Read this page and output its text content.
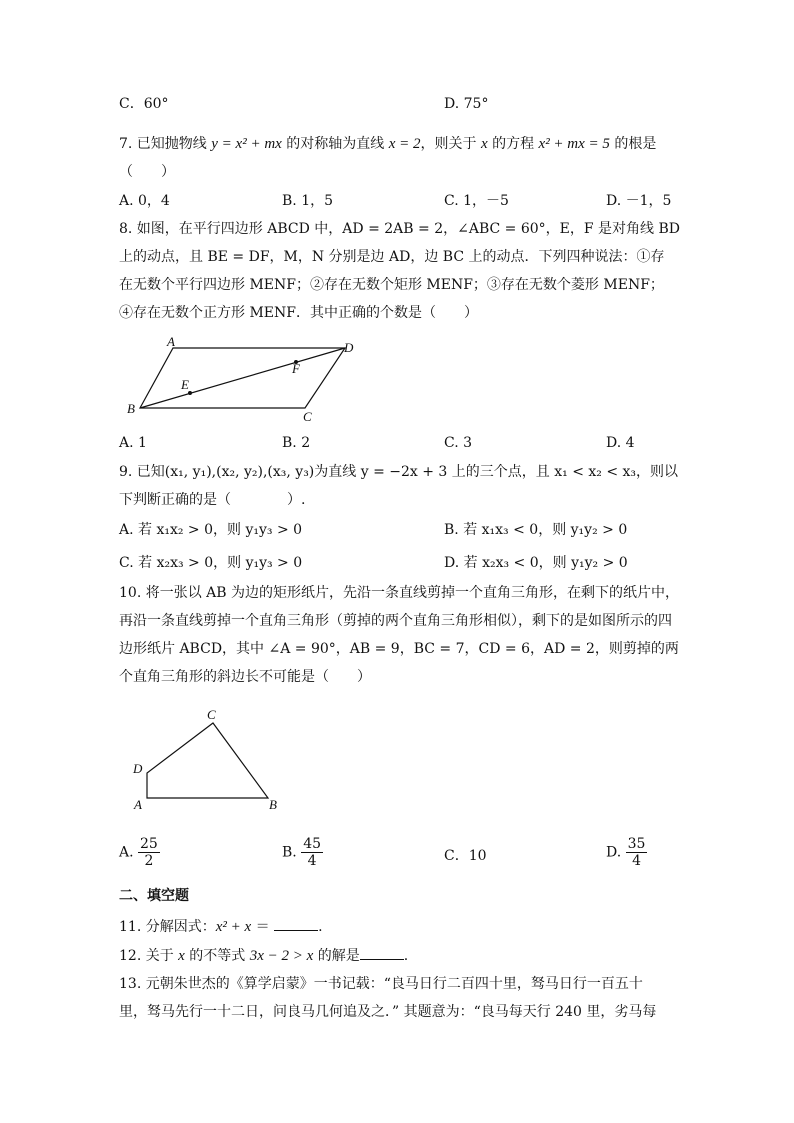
C．60°	D. 75°
7. 已知抛物线 y = x² + mx 的对称轴为直线 x = 2，则关于 x 的方程 x² + mx = 5 的根是
（　　）
A. 0，4	B. 1，5	C. 1，－5	D. －1，5
8. 如图，在平行四边形 ABCD 中，AD = 2AB = 2，∠ABC = 60°，E，F 是对角线 BD
上的动点，且 BE = DF，M，N 分别是边 AD，边 BC 上的动点．下列四种说法：①存
在无数个平行四边形 MENF；②存在无数个矩形 MENF；③存在无数个菱形 MENF；
④存在无数个正方形 MENF．其中正确的个数是（　　）
A
B
C
D
E
F
A	B
C
D
A. 1	B. 2	C. 3	D. 4
9. 已知(x₁, y₁),(x₂, y₂),(x₃, y₃)为直线 y = −2x + 3 上的三个点，且 x₁ < x₂ < x₃，则以
下判断正确的是（　　　　）.
A. 若 x₁x₂ > 0，则 y₁y₃ > 0	B. 若 x₁x₃ < 0，则 y₁y₂ > 0
C. 若 x₂x₃ > 0，则 y₁y₃ > 0	D. 若 x₂x₃ < 0，则 y₁y₂ > 0
10. 将一张以 AB 为边的矩形纸片，先沿一条直线剪掉一个直角三角形，在剩下的纸片中，
再沿一条直线剪掉一个直角三角形（剪掉的两个直角三角形相似），剩下的是如图所示的四
边形纸片 ABCD，其中 ∠A = 90°，AB = 9，BC = 7，CD = 6，AD = 2，则剪掉的两
个直角三角形的斜边长不可能是（　　）
A. $\frac{25}{2}$	B. $\frac{45}{4}$	C．10	D. $\frac{35}{4}$
二、填空题
11. 分解因式：x² + x ＝	.
12. 关于 x 的不等式 3x − 2 > x 的解是	.
13. 元朝朱世杰的《算学启蒙》一书记载：“良马日行二百四十里，驽马日行一百五十
里，驽马先行一十二日，问良马几何追及之．” 其题意为：“良马每天行 240 里，劣马每
